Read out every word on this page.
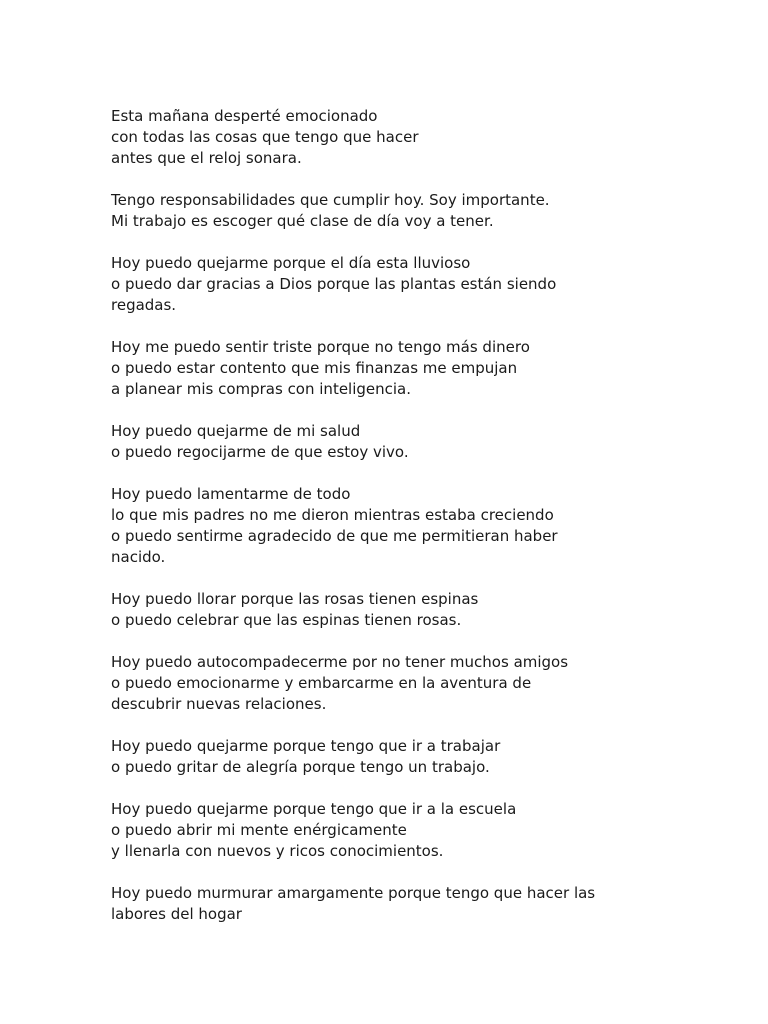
Esta mañana desperté emocionado
con todas las cosas que tengo que hacer
antes que el reloj sonara.
Tengo responsabilidades que cumplir hoy. Soy importante.
Mi trabajo es escoger qué clase de día voy a tener.
Hoy puedo quejarme porque el día esta lluvioso
o puedo dar gracias a Dios porque las plantas están siendo
regadas.
Hoy me puedo sentir triste porque no tengo más dinero
o puedo estar contento que mis finanzas me empujan
a planear mis compras con inteligencia.
Hoy puedo quejarme de mi salud
o puedo regocijarme de que estoy vivo.
Hoy puedo lamentarme de todo
lo que mis padres no me dieron mientras estaba creciendo
o puedo sentirme agradecido de que me permitieran haber
nacido.
Hoy puedo llorar porque las rosas tienen espinas
o puedo celebrar que las espinas tienen rosas.
Hoy puedo autocompadecerme por no tener muchos amigos
o puedo emocionarme y embarcarme en la aventura de
descubrir nuevas relaciones.
Hoy puedo quejarme porque tengo que ir a trabajar
o puedo gritar de alegría porque tengo un trabajo.
Hoy puedo quejarme porque tengo que ir a la escuela
o puedo abrir mi mente enérgicamente
y llenarla con nuevos y ricos conocimientos.
Hoy puedo murmurar amargamente porque tengo que hacer las
labores del hogar
